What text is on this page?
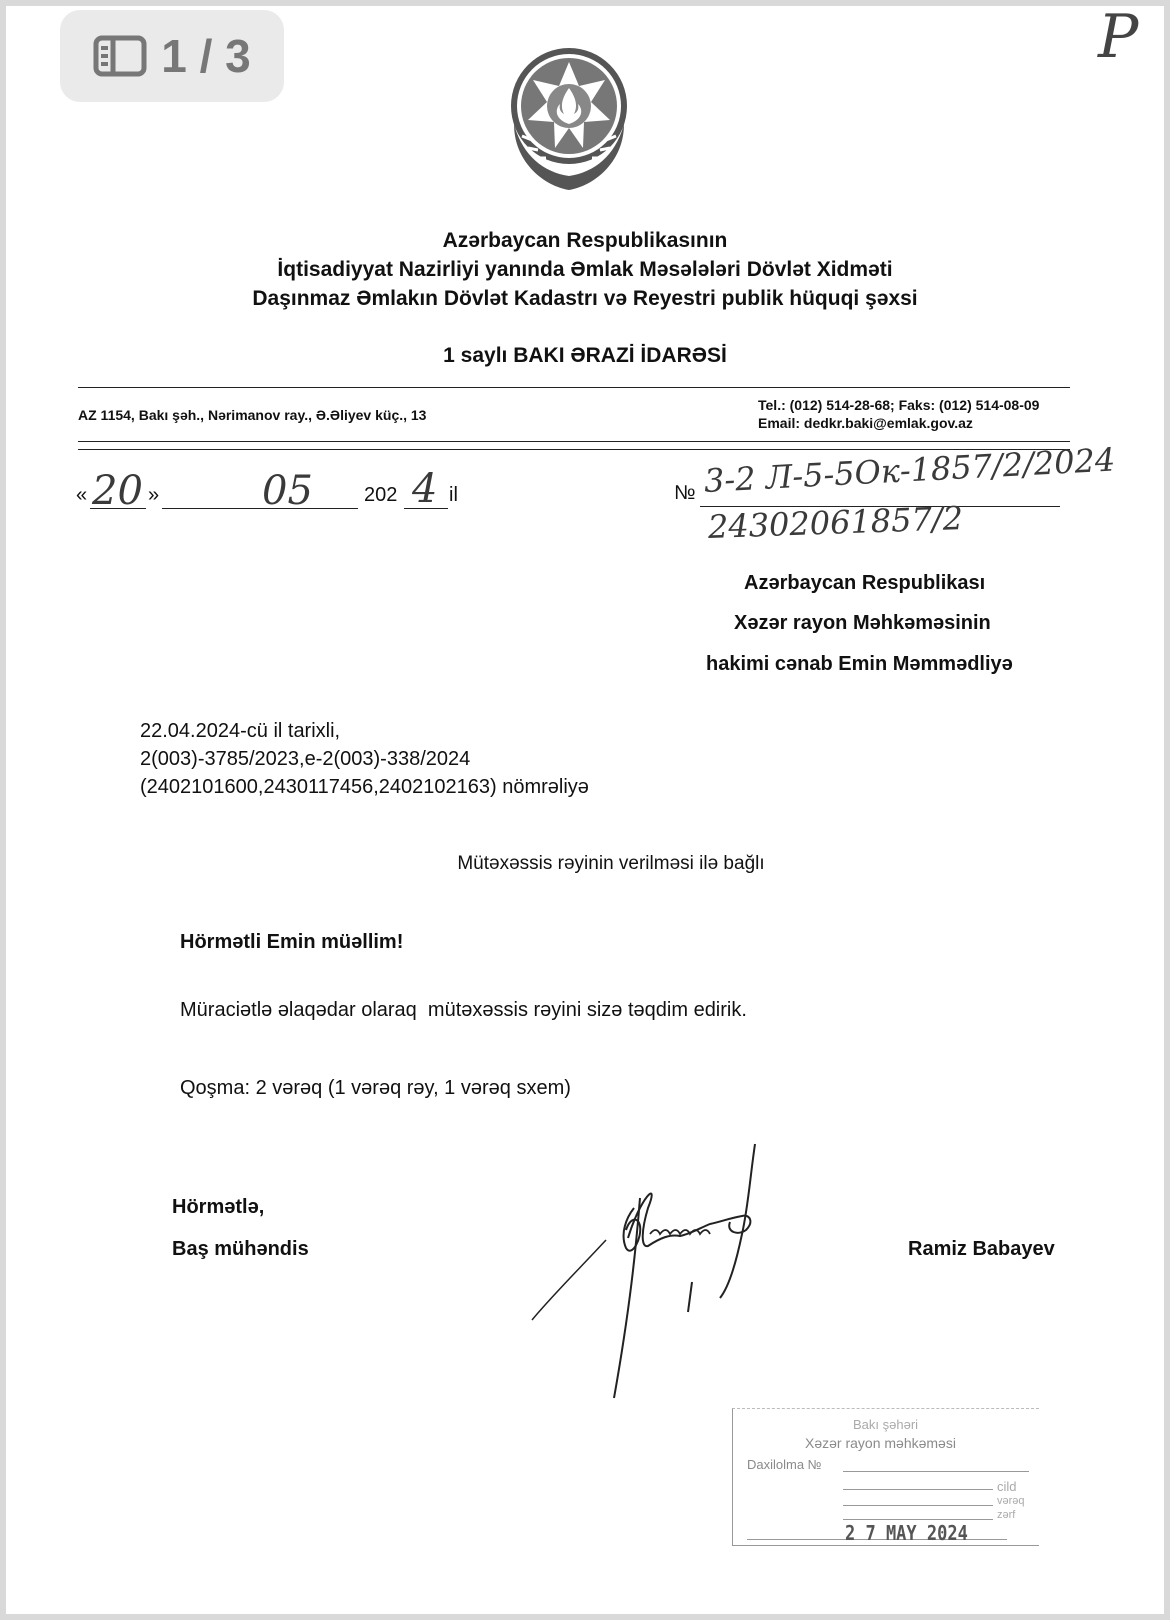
1 / 3	P
Azərbaycan Respublikasının
İqtisadiyyat Nazirliyi yanında Əmlak Məsələləri Dövlət Xidməti
Daşınmaz Əmlakın Dövlət Kadastrı və Reyestri publik hüquqi şəxsi
1 saylı BAKI ƏRAZİ İDARƏSİ
AZ 1154, Bakı şəh., Nərimanov ray., Ə.Əliyev küç., 13
Tel.: (012) 514-28-68; Faks: (012) 514-08-09
Email: dedkr.baki@emlak.gov.az
« 20 »	05	202 4 il	№ 3-2 Л-5-5Ок-1857/2/2024
24302061857/2
Azərbaycan Respublikası
Xəzər rayon Məhkəməsinin
hakimi cənab Emin Məmmədliyə
22.04.2024-cü il tarixli,
2(003)-3785/2023,e-2(003)-338/2024
(2402101600,2430117456,2402102163) nömrəliyə
Mütəxəssis rəyinin verilməsi ilə bağlı
Hörmətli Emin müəllim!
Müraciətlə əlaqədar olaraq  mütəxəssis rəyini sizə təqdim edirik.
Qoşma: 2 vərəq (1 vərəq rəy, 1 vərəq sxem)
Hörmətlə,
Baş mühəndis	Ramiz Babayev
Bakı şəhəri
Xəzər rayon məhkəməsi
Daxilolma №
cild
vərəq
zərf
2 7 MAY 2024
